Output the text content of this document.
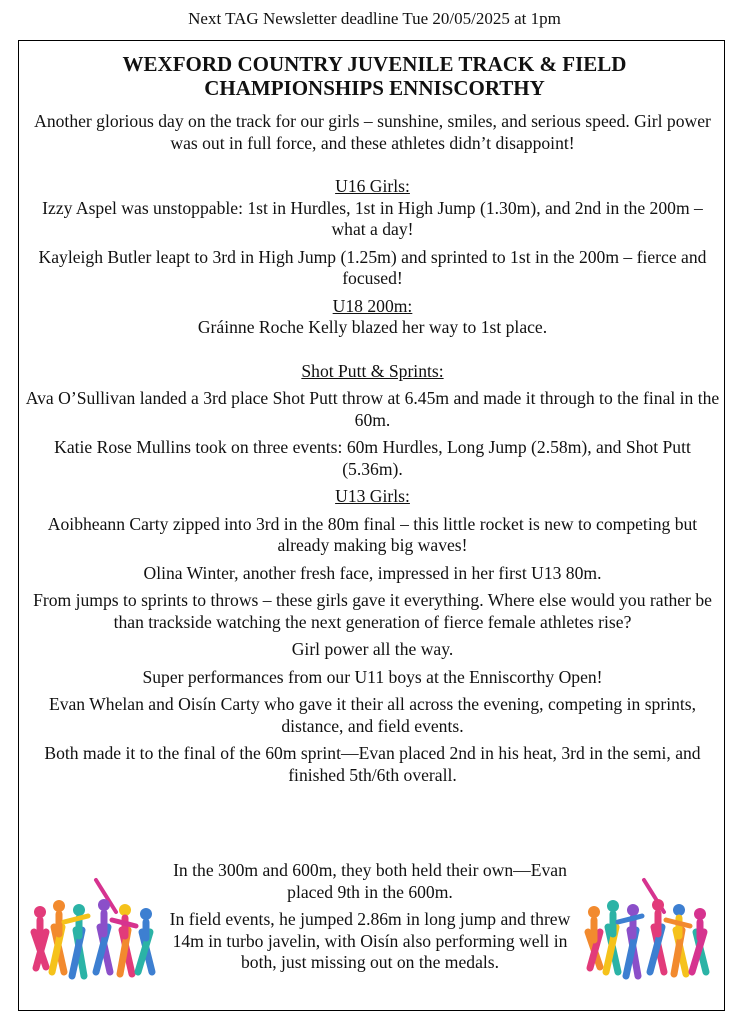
Next TAG Newsletter deadline Tue 20/05/2025 at 1pm
WEXFORD COUNTRY JUVENILE TRACK & FIELD
CHAMPIONSHIPS ENNISCORTHY

Another glorious day on the track for our girls – sunshine, smiles, and serious speed. Girl power was out in full force, and these athletes didn’t disappoint!

U16 Girls:

Izzy Aspel was unstoppable: 1st in Hurdles, 1st in High Jump (1.30m), and 2nd in the 200m – what a day!

Kayleigh Butler leapt to 3rd in High Jump (1.25m) and sprinted to 1st in the 200m – fierce and focused!

U18 200m:

Gráinne Roche Kelly blazed her way to 1st place.

Shot Putt & Sprints:

Ava O’Sullivan landed a 3rd place Shot Putt throw at 6.45m and made it through to the final in the 60m.

Katie Rose Mullins took on three events: 60m Hurdles, Long Jump (2.58m), and Shot Putt (5.36m).

U13 Girls:

Aoibheann Carty zipped into 3rd in the 80m final – this little rocket is new to competing but already making big waves!

Olina Winter, another fresh face, impressed in her first U13 80m.

From jumps to sprints to throws – these girls gave it everything. Where else would you rather be than trackside watching the next generation of fierce female athletes rise?

Girl power all the way.

Super performances from our U11 boys at the Enniscorthy Open!

Evan Whelan and Oisín Carty who gave it their all across the evening, competing in sprints, distance, and field events.

Both made it to the final of the 60m sprint—Evan placed 2nd in his heat, 3rd in the semi, and finished 5th/6th overall.

In the 300m and 600m, they both held their own—Evan placed 9th in the 600m.

In field events, he jumped 2.86m in long jump and threw 14m in turbo javelin, with Oisín also performing well in both, just missing out on the medals.
